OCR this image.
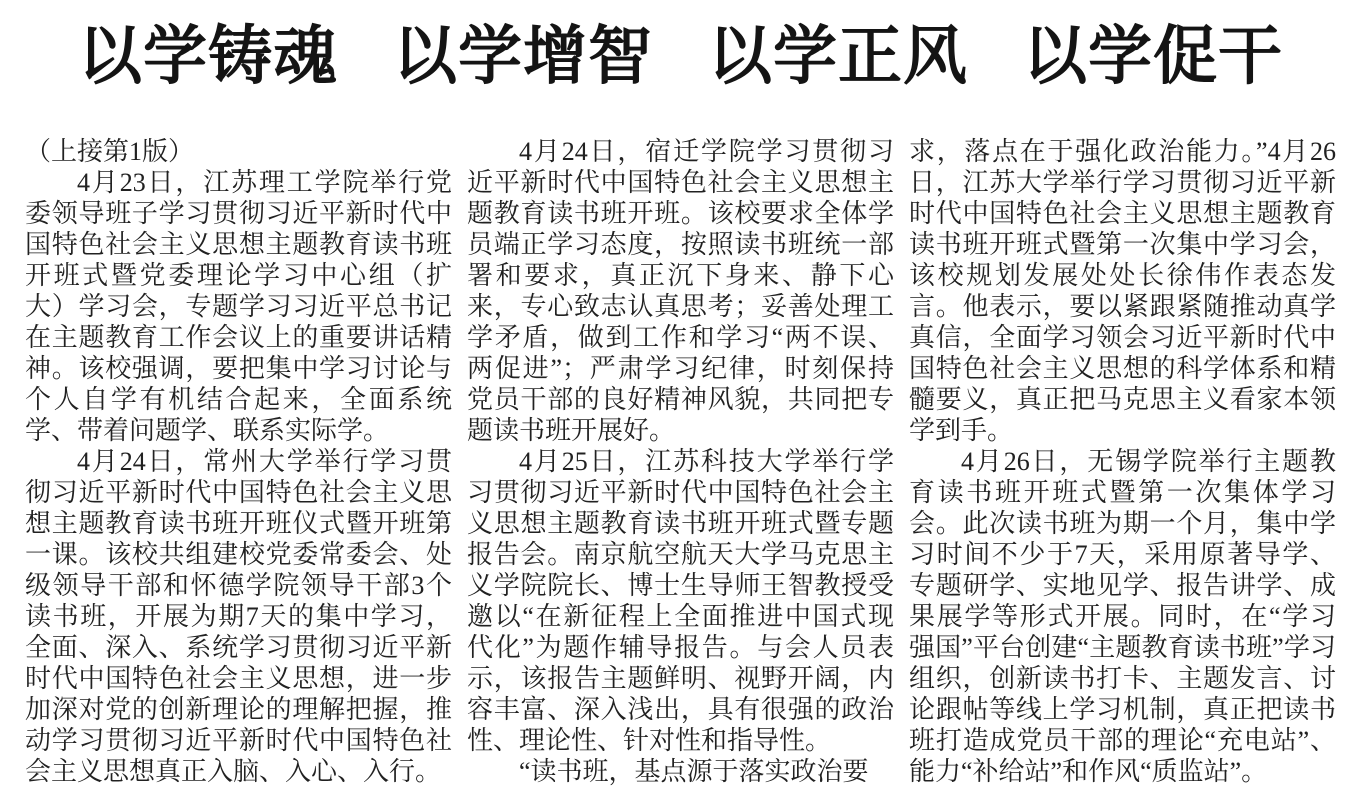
以学铸魂 以学增智 以学正风 以学促干

（上接第1版）

4月23日，江苏理工学院举行党委领导班子学习贯彻习近平新时代中国特色社会主义思想主题教育读书班开班式暨党委理论学习中心组（扩大）学习会，专题学习习近平总书记在主题教育工作会议上的重要讲话精神。该校强调，要把集中学习讨论与个人自学有机结合起来，全面系统学、带着问题学、联系实际学。

4月24日，常州大学举行学习贯彻习近平新时代中国特色社会主义思想主题教育读书班开班仪式暨开班第一课。该校共组建校党委常委会、处级领导干部和怀德学院领导干部3个读书班，开展为期7天的集中学习，全面、深入、系统学习贯彻习近平新时代中国特色社会主义思想，进一步加深对党的创新理论的理解把握，推动学习贯彻习近平新时代中国特色社会主义思想真正入脑、入心、入行。

4月24日，宿迁学院学习贯彻习近平新时代中国特色社会主义思想主题教育读书班开班。该校要求全体学员端正学习态度，按照读书班统一部署和要求，真正沉下身来、静下心来，专心致志认真思考；妥善处理工学矛盾，做到工作和学习“两不误、两促进”；严肃学习纪律，时刻保持党员干部的良好精神风貌，共同把专题读书班开展好。

4月25日，江苏科技大学举行学习贯彻习近平新时代中国特色社会主义思想主题教育读书班开班式暨专题报告会。南京航空航天大学马克思主义学院院长、博士生导师王智教授受邀以“在新征程上全面推进中国式现代化”为题作辅导报告。与会人员表示，该报告主题鲜明、视野开阔，内容丰富、深入浅出，具有很强的政治性、理论性、针对性和指导性。

“读书班，基点源于落实政治要

求，落点在于强化政治能力。”4月26日，江苏大学举行学习贯彻习近平新时代中国特色社会主义思想主题教育读书班开班式暨第一次集中学习会，该校规划发展处处长徐伟作表态发言。他表示，要以紧跟紧随推动真学真信，全面学习领会习近平新时代中国特色社会主义思想的科学体系和精髓要义，真正把马克思主义看家本领学到手。

4月26日，无锡学院举行主题教育读书班开班式暨第一次集体学习会。此次读书班为期一个月，集中学习时间不少于7天，采用原著导学、专题研学、实地见学、报告讲学、成果展学等形式开展。同时，在“学习强国”平台创建“主题教育读书班”学习组织，创新读书打卡、主题发言、讨论跟帖等线上学习机制，真正把读书班打造成党员干部的理论“充电站”、能力“补给站”和作风“质监站”。
